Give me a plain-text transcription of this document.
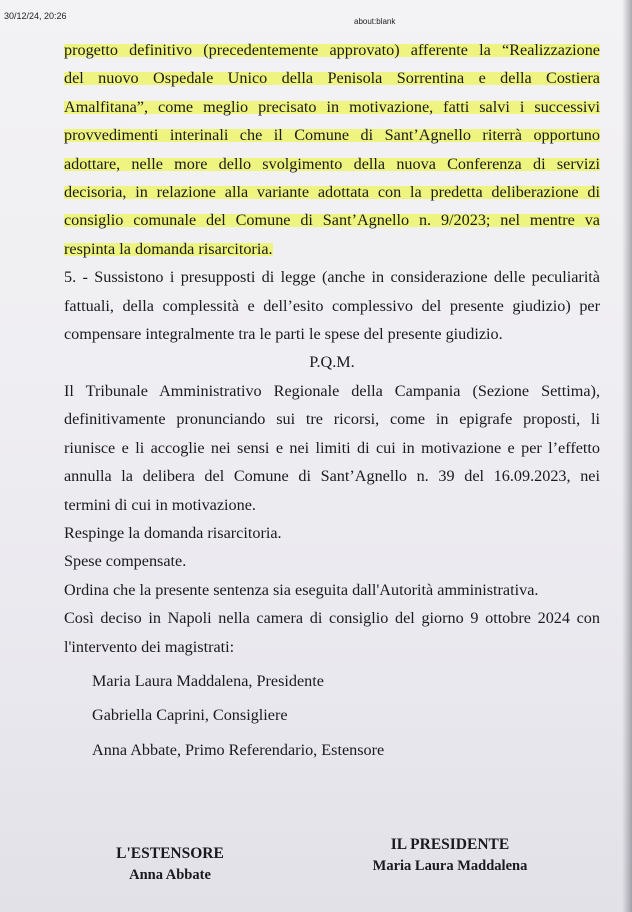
30/12/24, 20:26
about:blank
progetto definitivo (precedentemente approvato) afferente la “Realizzazione
del nuovo Ospedale Unico della Penisola Sorrentina e della Costiera
Amalfitana”, come meglio precisato in motivazione, fatti salvi i successivi
provvedimenti interinali che il Comune di Sant’Agnello riterrà opportuno
adottare, nelle more dello svolgimento della nuova Conferenza di servizi
decisoria, in relazione alla variante adottata con la predetta deliberazione di
consiglio comunale del Comune di Sant’Agnello n. 9/2023; nel mentre va
respinta la domanda risarcitoria.
5. - Sussistono i presupposti di legge (anche in considerazione delle peculiarità
fattuali, della complessità e dell’esito complessivo del presente giudizio) per
compensare integralmente tra le parti le spese del presente giudizio.
P.Q.M.
Il Tribunale Amministrativo Regionale della Campania (Sezione Settima),
definitivamente pronunciando sui tre ricorsi, come in epigrafe proposti, li
riunisce e li accoglie nei sensi e nei limiti di cui in motivazione e per l’effetto
annulla la delibera del Comune di Sant’Agnello n. 39 del 16.09.2023, nei
termini di cui in motivazione.
Respinge la domanda risarcitoria.
Spese compensate.
Ordina che la presente sentenza sia eseguita dall'Autorità amministrativa.
Così deciso in Napoli nella camera di consiglio del giorno 9 ottobre 2024 con
l'intervento dei magistrati:
Maria Laura Maddalena, Presidente
Gabriella Caprini, Consigliere
Anna Abbate, Primo Referendario, Estensore
L'ESTENSORE
Anna Abbate
IL PRESIDENTE
Maria Laura Maddalena
